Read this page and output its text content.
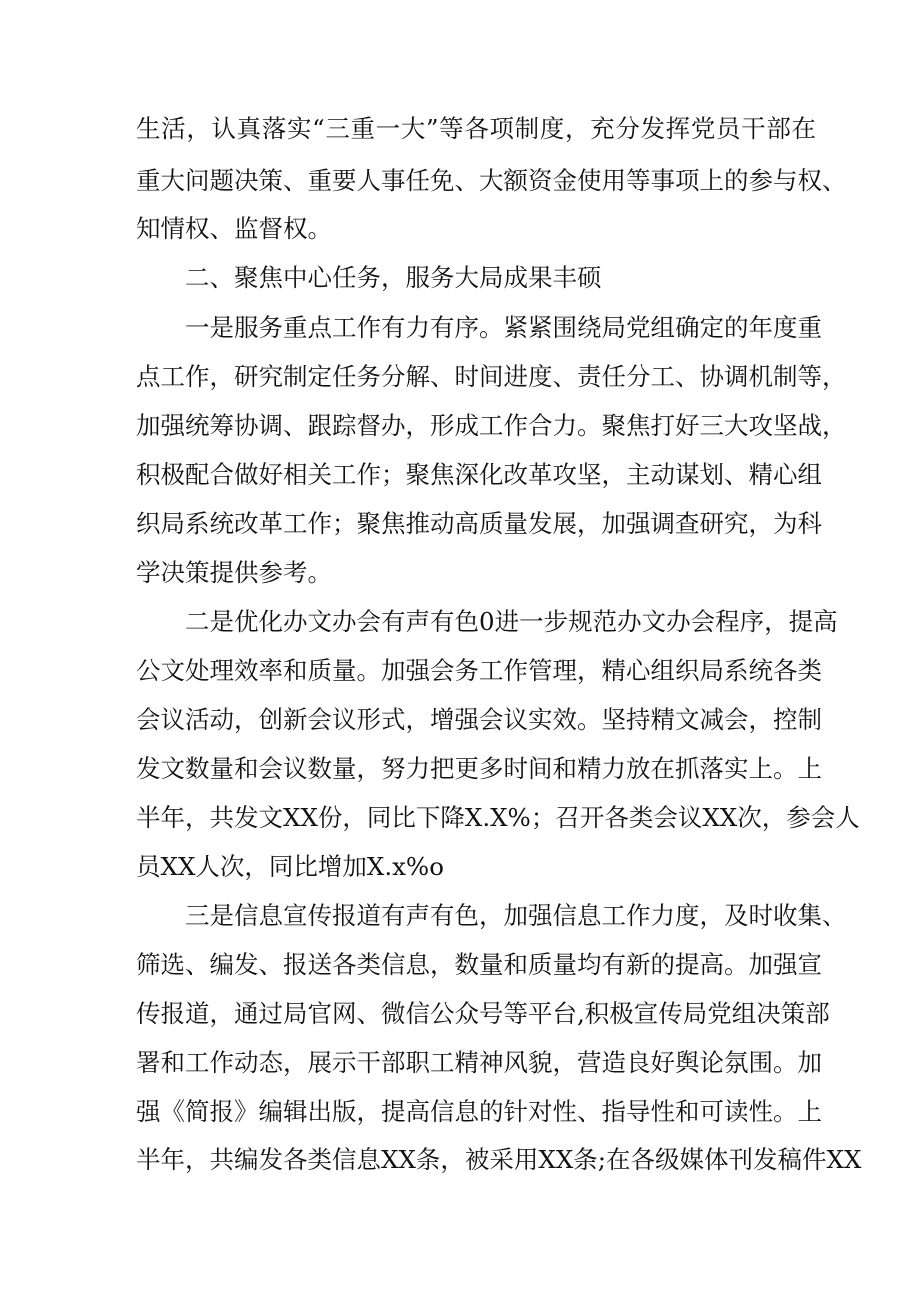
生活，认真落实“三重一大”等各项制度，充分发挥党员干部在

重大问题决策、重要人事任免、大额资金使用等事项上的参与权、

知情权、监督权。

二、聚焦中心任务，服务大局成果丰硕

一是服务重点工作有力有序。紧紧围绕局党组确定的年度重

点工作，研究制定任务分解、时间进度、责任分工、协调机制等，

加强统筹协调、跟踪督办，形成工作合力。聚焦打好三大攻坚战，

积极配合做好相关工作；聚焦深化改革攻坚，主动谋划、精心组

织局系统改革工作；聚焦推动高质量发展，加强调查研究，为科

学决策提供参考。

二是优化办文办会有声有色0进一步规范办文办会程序，提高

公文处理效率和质量。加强会务工作管理，精心组织局系统各类

会议活动，创新会议形式，增强会议实效。坚持精文减会，控制

发文数量和会议数量，努力把更多时间和精力放在抓落实上。上

半年，共发文XX份，同比下降X.X%；召开各类会议XX次，参会人

员XX人次，同比增加X.x%o

三是信息宣传报道有声有色，加强信息工作力度，及时收集、

筛选、编发、报送各类信息，数量和质量均有新的提高。加强宣

传报道，通过局官网、微信公众号等平台,积极宣传局党组决策部

署和工作动态，展示干部职工精神风貌，营造良好舆论氛围。加

强《简报》编辑出版，提高信息的针对性、指导性和可读性。上

半年，共编发各类信息XX条，被采用XX条;在各级媒体刊发稿件XX
